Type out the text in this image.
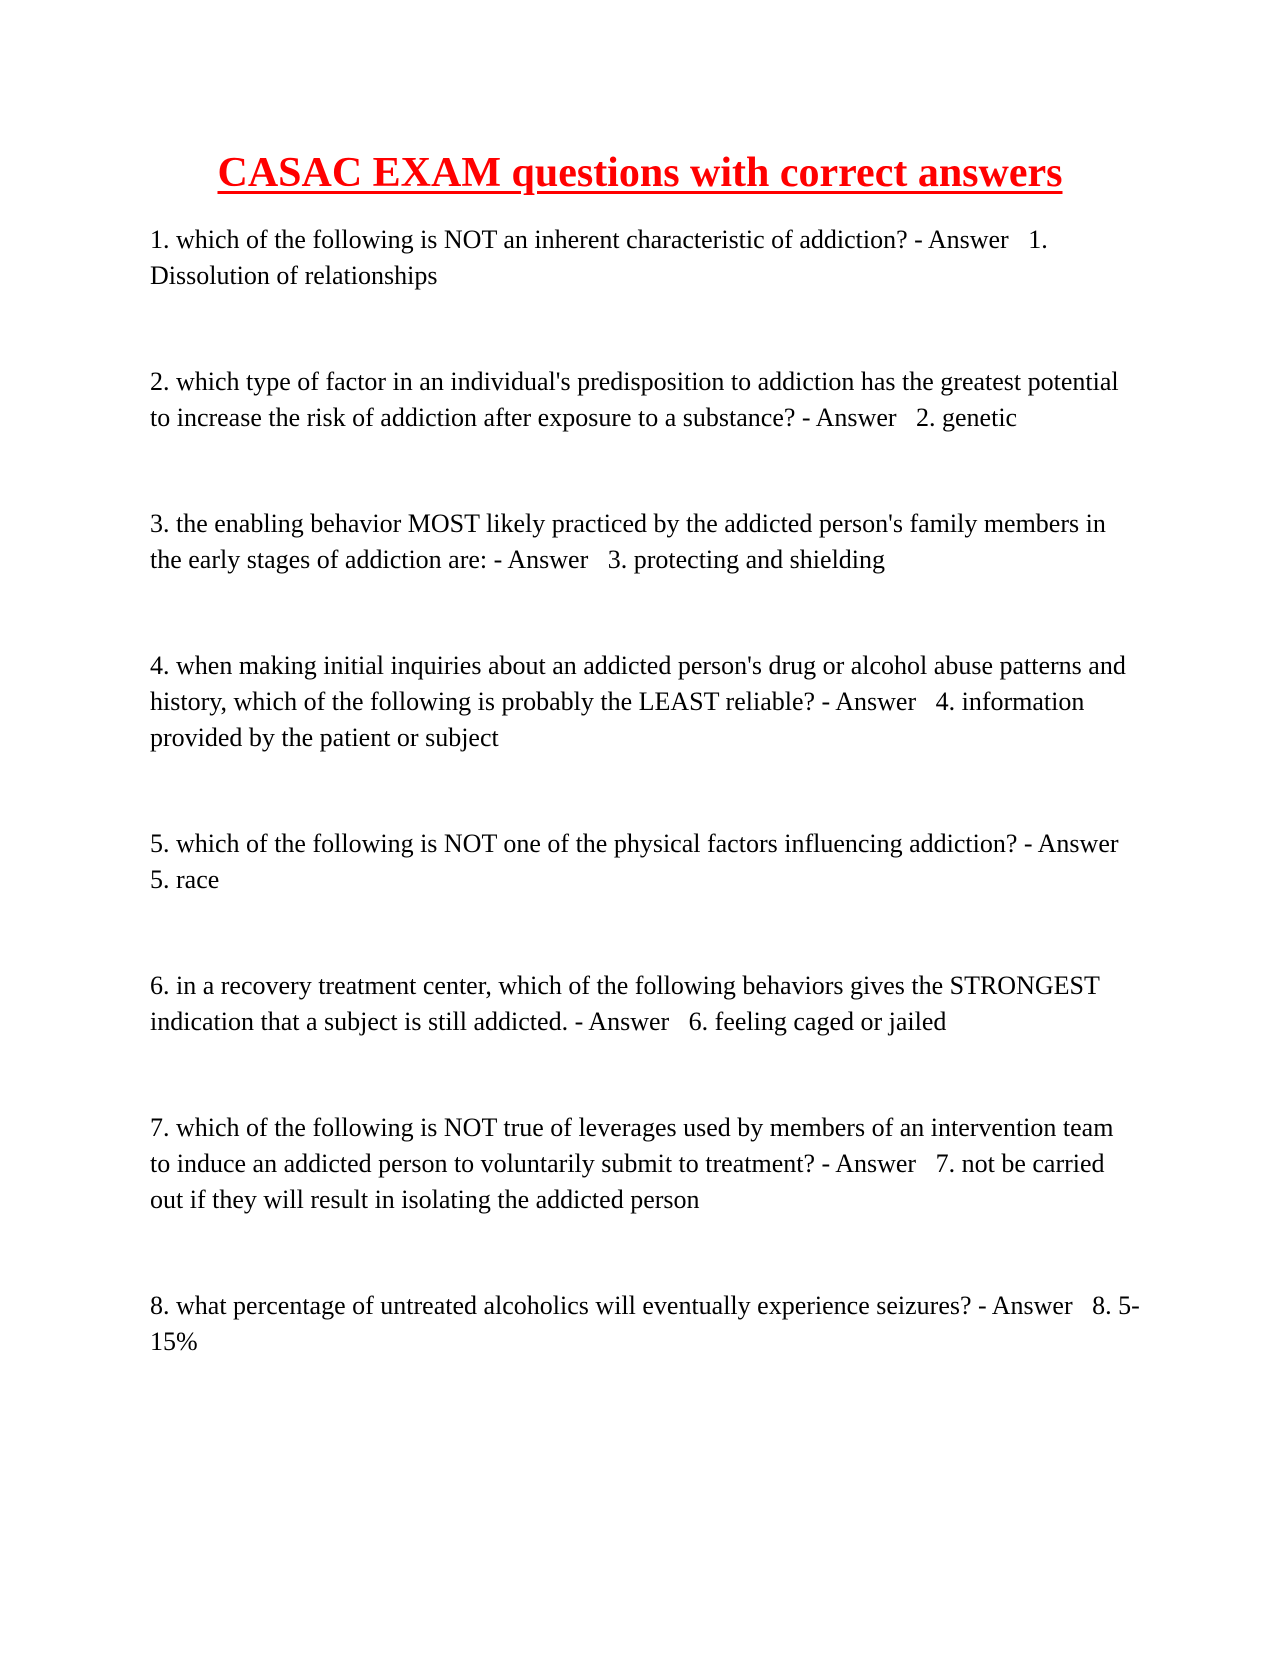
CASAC EXAM questions with correct answers

1. which of the following is NOT an inherent characteristic of addiction? - Answer   1. Dissolution of relationships

2. which type of factor in an individual's predisposition to addiction has the greatest potential to increase the risk of addiction after exposure to a substance? - Answer   2. genetic

3. the enabling behavior MOST likely practiced by the addicted person's family members in the early stages of addiction are: - Answer   3. protecting and shielding

4. when making initial inquiries about an addicted person's drug or alcohol abuse patterns and history, which of the following is probably the LEAST reliable? - Answer   4. information provided by the patient or subject

5. which of the following is NOT one of the physical factors influencing addiction? - Answer   5. race

6. in a recovery treatment center, which of the following behaviors gives the STRONGEST indication that a subject is still addicted. - Answer   6. feeling caged or jailed

7. which of the following is NOT true of leverages used by members of an intervention team to induce an addicted person to voluntarily submit to treatment? - Answer   7. not be carried out if they will result in isolating the addicted person

8. what percentage of untreated alcoholics will eventually experience seizures? - Answer   8. 5-15%
